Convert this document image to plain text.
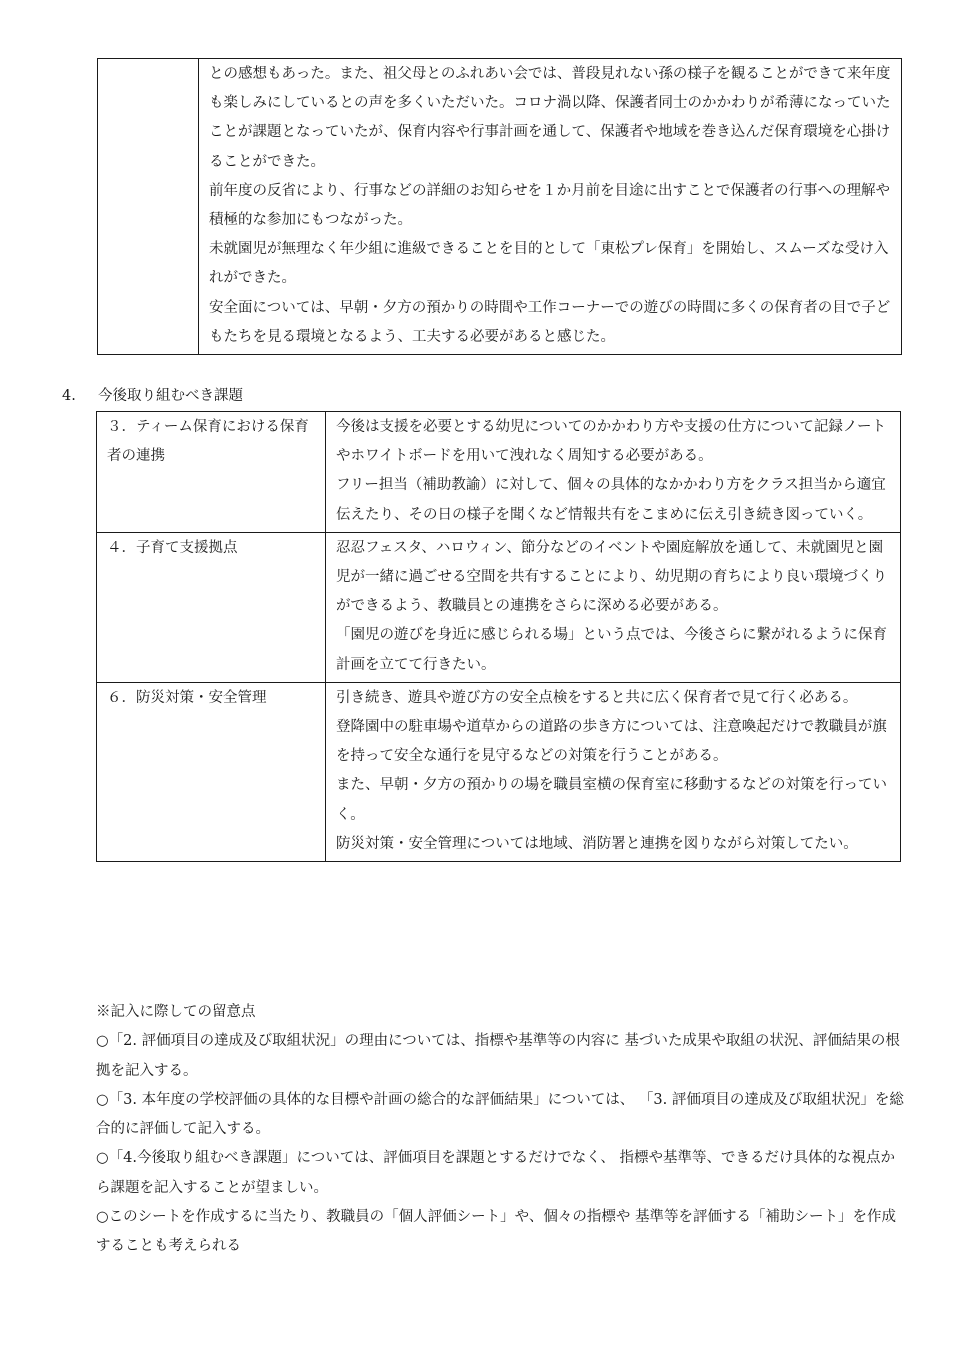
との感想もあった。また、祖父母とのふれあい会では、普段見れない孫の様子を観ることができて来年度も楽しみにしているとの声を多くいただいた。コロナ渦以降、保護者同士のかかわりが希薄になっていたことが課題となっていたが、保育内容や行事計画を通して、保護者や地域を巻き込んだ保育環境を心掛けることができた。

前年度の反省により、行事などの詳細のお知らせを１か月前を目途に出すことで保護者の行事への理解や積極的な参加にもつながった。

未就園児が無理なく年少組に進級できることを目的として「東松プレ保育」を開始し、スムーズな受け入れができた。

安全面については、早朝・夕方の預かりの時間や工作コーナーでの遊びの時間に多くの保育者の目で子どもたちを見る環境となるよう、工夫する必要があると感じた。

4. 今後取り組むべき課題
３．ティーム保育における保育者の連携	今後は支援を必要とする幼児についてのかかわり方や支援の仕方について記録ノートやホワイトボードを用いて洩れなく周知する必要がある。

フリー担当（補助教諭）に対して、個々の具体的なかかわり方をクラス担当から適宜伝えたり、その日の様子を聞くなど情報共有をこまめに伝え引き続き図っていく。

４．子育て支援拠点	忍忍フェスタ、ハロウィン、節分などのイベントや園庭解放を通して、未就園児と園児が一緒に過ごせる空間を共有することにより、幼児期の育ちにより良い環境づくりができるよう、教職員との連携をさらに深める必要がある。

「園児の遊びを身近に感じられる場」という点では、今後さらに繋がれるように保育計画を立てて行きたい。

６．防災対策・安全管理	引き続き、遊具や遊び方の安全点検をすると共に広く保育者で見て行く必ある。

登降園中の駐車場や道草からの道路の歩き方については、注意喚起だけで教職員が旗を持って安全な通行を見守るなどの対策を行うことがある。

また、早朝・夕方の預かりの場を職員室横の保育室に移動するなどの対策を行っていく。

防災対策・安全管理については地域、消防署と連携を図りながら対策してたい。

※記入に際しての留意点

○「2. 評価項目の達成及び取組状況」の理由については、指標や基準等の内容に 基づいた成果や取組の状況、評価結果の根拠を記入する。

○「3. 本年度の学校評価の具体的な目標や計画の総合的な評価結果」については、 「3. 評価項目の達成及び取組状況」を総合的に評価して記入する。

○「4.今後取り組むべき課題」については、評価項目を課題とするだけでなく、 指標や基準等、できるだけ具体的な視点から課題を記入することが望ましい。

○このシートを作成するに当たり、教職員の「個人評価シート」や、個々の指標や 基準等を評価する「補助シート」を作成することも考えられる
